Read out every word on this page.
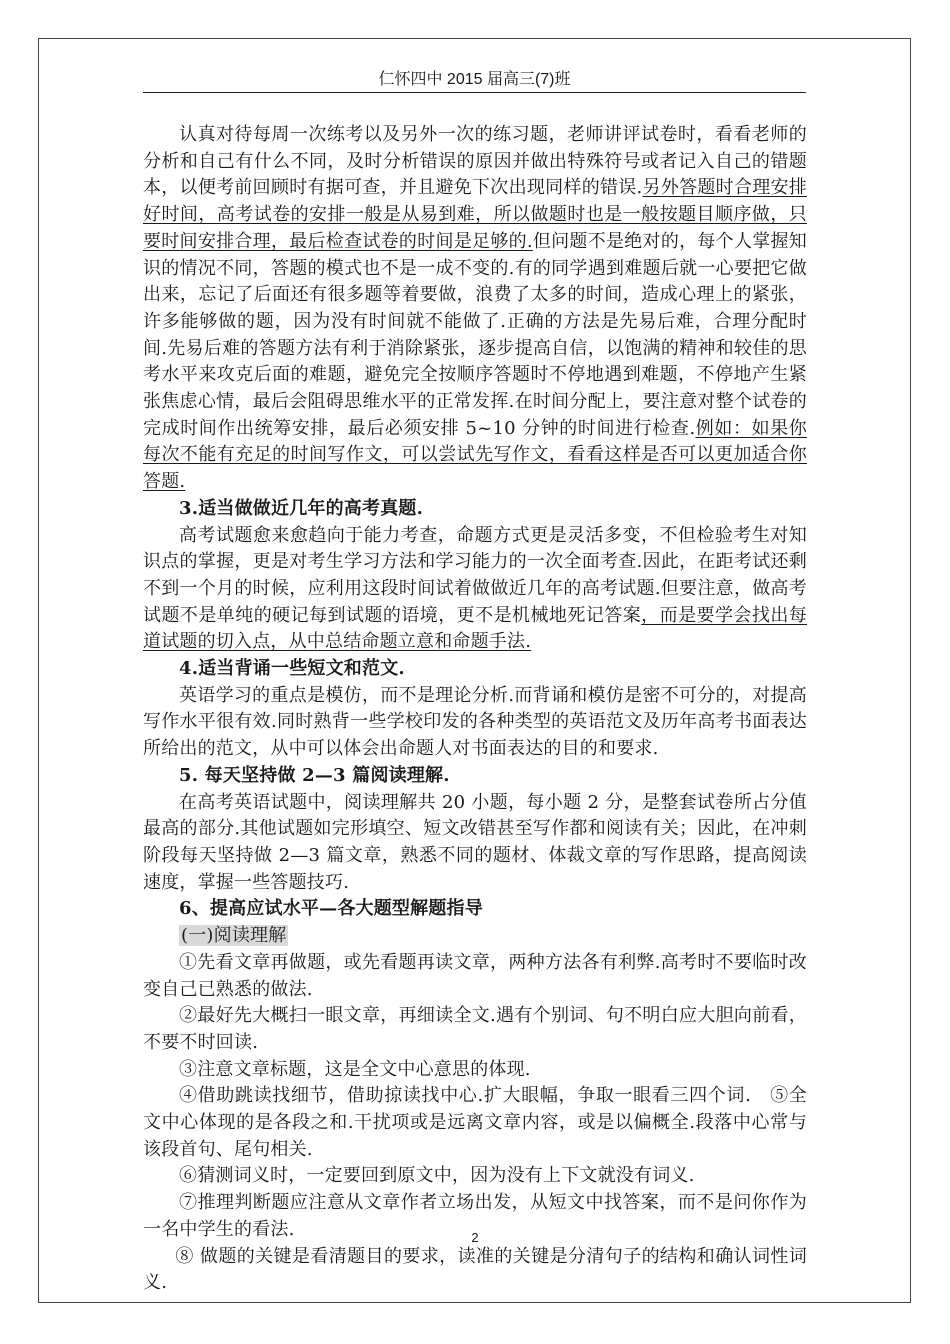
仁怀四中 2015 届高三(7)班

认真对待每周一次练考以及另外一次的练习题，老师讲评试卷时，看看老师的分析和自己有什么不同，及时分析错误的原因并做出特殊符号或者记入自己的错题本，以便考前回顾时有据可查，并且避免下次出现同样的错误.另外答题时合理安排好时间，高考试卷的安排一般是从易到难，所以做题时也是一般按题目顺序做，只要时间安排合理，最后检查试卷的时间是足够的.但问题不是绝对的，每个人掌握知识的情况不同，答题的模式也不是一成不变的.有的同学遇到难题后就一心要把它做出来，忘记了后面还有很多题等着要做，浪费了太多的时间，造成心理上的紧张，许多能够做的题，因为没有时间就不能做了.正确的方法是先易后难，合理分配时间.先易后难的答题方法有利于消除紧张，逐步提高自信，以饱满的精神和较佳的思考水平来攻克后面的难题，避免完全按顺序答题时不停地遇到难题，不停地产生紧张焦虑心情，最后会阻碍思维水平的正常发挥.在时间分配上，要注意对整个试卷的完成时间作出统筹安排，最后必须安排 5~10 分钟的时间进行检查.例如：如果你每次不能有充足的时间写作文，可以尝试先写作文，看看这样是否可以更加适合你答题.

3.适当做做近几年的高考真题.

高考试题愈来愈趋向于能力考查，命题方式更是灵活多变，不但检验考生对知识点的掌握，更是对考生学习方法和学习能力的一次全面考查.因此，在距考试还剩不到一个月的时候，应利用这段时间试着做做近几年的高考试题.但要注意，做高考试题不是单纯的硬记每到试题的语境，更不是机械地死记答案，而是要学会找出每道试题的切入点，从中总结命题立意和命题手法.

4.适当背诵一些短文和范文.

英语学习的重点是模仿，而不是理论分析.而背诵和模仿是密不可分的，对提高写作水平很有效.同时熟背一些学校印发的各种类型的英语范文及历年高考书面表达所给出的范文，从中可以体会出命题人对书面表达的目的和要求.

5. 每天坚持做 2—3 篇阅读理解.

在高考英语试题中，阅读理解共 20 小题，每小题 2 分，是整套试卷所占分值最高的部分.其他试题如完形填空、短文改错甚至写作都和阅读有关；因此，在冲刺阶段每天坚持做 2—3 篇文章，熟悉不同的题材、体裁文章的写作思路，提高阅读速度，掌握一些答题技巧.

6、提高应试水平—各大题型解题指导

(一)阅读理解

①先看文章再做题，或先看题再读文章，两种方法各有利弊.高考时不要临时改变自己已熟悉的做法.

②最好先大概扫一眼文章，再细读全文.遇有个别词、句不明白应大胆向前看，不要不时回读.

③注意文章标题，这是全文中心意思的体现.

④借助跳读找细节，借助掠读找中心.扩大眼幅，争取一眼看三四个词.　⑤全文中心体现的是各段之和.干扰项或是远离文章内容，或是以偏概全.段落中心常与该段首句、尾句相关.

⑥猜测词义时，一定要回到原文中，因为没有上下文就没有词义.

⑦推理判断题应注意从文章作者立场出发，从短文中找答案，而不是问你作为一名中学生的看法.

⑧ 做题的关键是看清题目的要求，读准的关键是分清句子的结构和确认词性词义.

2
